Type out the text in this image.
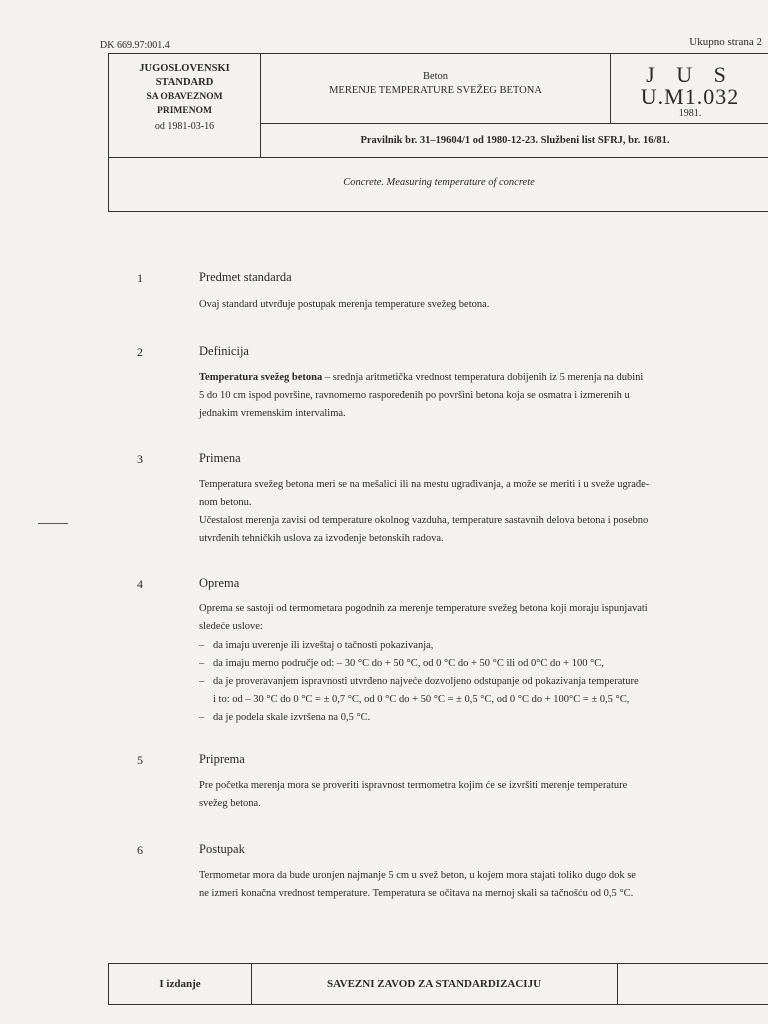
DK 669.97:001.4	Ukupno strana 2
JUGOSLOVENSKI
STANDARD
SA OBAVEZNOM
PRIMENOM
od 1981-03-16
Beton
MERENJE TEMPERATURE SVEŽEG BETONA
J U S
U.M1.032
1981.
Pravilnik br. 31–19604/1 od 1980-12-23. Službeni list SFRJ, br. 16/81.
Concrete. Measuring temperature of concrete
1	Predmet standarda

Ovaj standard utvrđuje postupak merenja temperature svežeg betona.

2	Definicija

Temperatura svežeg betona – srednja aritmetička vrednost temperatura dobijenih iz 5 merenja na dubini

5 do 10 cm ispod površine, ravnomerno raspoređenih po površini betona koja se osmatra i izmerenih u

jednakim vremenskim intervalima.

3	Primena

Temperatura svežeg betona meri se na mešalici ili na mestu ugrađivanja, a može se meriti i u sveže ugrađe-

nom betonu.

Učestalost merenja zavisi od temperature okolnog vazduha, temperature sastavnih delova betona i posebno

utvrđenih tehničkih uslova za izvođenje betonskih radova.

4	Oprema

Oprema se sastoji od termometara pogodnih za merenje temperature svežeg betona koji moraju ispunjavati

sledeće uslove:

– da imaju uverenje ili izveštaj o tačnosti pokazivanja,
– da imaju merno područje od: – 30 °C do + 50 °C, od 0 °C do + 50 °C ili od 0°C do + 100 °C,
– da je proveravanjem ispravnosti utvrđeno najveće dozvoljeno odstupanje od pokazivanja temperature
i to: od – 30 °C do 0 °C = ± 0,7 °C, od 0 °C do + 50 °C = ± 0,5 °C, od 0 °C do + 100°C = ± 0,5 °C,
– da je podela skale izvršena na 0,5 °C.
5	Priprema

Pre početka merenja mora se proveriti ispravnost termometra kojim će se izvršiti merenje temperature

svežeg betona.

6	Postupak

Termometar mora da bude uronjen najmanje 5 cm u svež beton, u kojem mora stajati toliko dugo dok se

ne izmeri konačna vrednost temperature. Temperatura se očitava na mernoj skali sa tačnošću od 0,5 °C.

I izdanje	SAVEZNI ZAVOD ZA STANDARDIZACIJU
